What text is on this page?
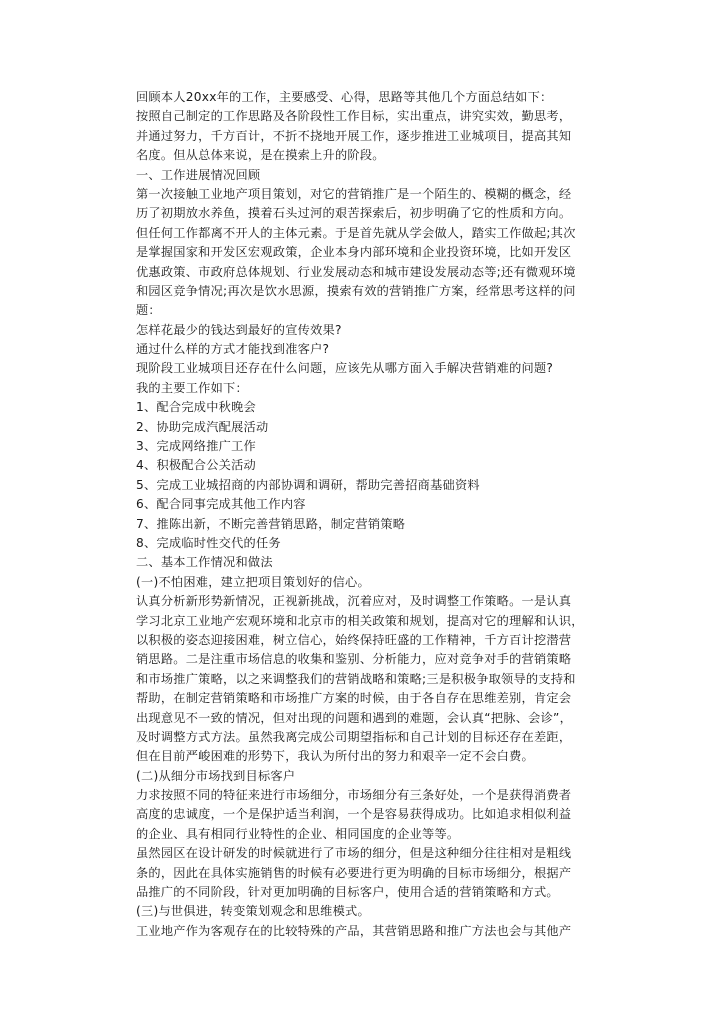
回顾本人20xx年的工作，主要感受、心得，思路等其他几个方面总结如下：
按照自己制定的工作思路及各阶段性工作目标，实出重点，讲究实效，勤思考，
并通过努力，千方百计，不折不挠地开展工作，逐步推进工业城项目，提高其知
名度。但从总体来说，是在摸索上升的阶段。
一、工作进展情况回顾
第一次接触工业地产项目策划，对它的营销推广是一个陌生的、模糊的概念，经
历了初期放水养鱼，摸着石头过河的艰苦探索后，初步明确了它的性质和方向。
但任何工作都离不开人的主体元素。于是首先就从学会做人，踏实工作做起;其次
是掌握国家和开发区宏观政策，企业本身内部环境和企业投资环境，比如开发区
优惠政策、市政府总体规划、行业发展动态和城市建设发展动态等;还有微观环境
和园区竞争情况;再次是饮水思源，摸索有效的营销推广方案，经常思考这样的问
题：
怎样花最少的钱达到最好的宣传效果?
通过什么样的方式才能找到准客户?
现阶段工业城项目还存在什么问题，应该先从哪方面入手解决营销难的问题?
我的主要工作如下：
1、配合完成中秋晚会
2、协助完成汽配展活动
3、完成网络推广工作
4、积极配合公关活动
5、完成工业城招商的内部协调和调研，帮助完善招商基础资料
6、配合同事完成其他工作内容
7、推陈出新，不断完善营销思路，制定营销策略
8、完成临时性交代的任务
二、基本工作情况和做法
(一)不怕困难，建立把项目策划好的信心。
认真分析新形势新情况，正视新挑战，沉着应对，及时调整工作策略。一是认真
学习北京工业地产宏观环境和北京市的相关政策和规划，提高对它的理解和认识，
以积极的姿态迎接困难，树立信心，始终保持旺盛的工作精神，千方百计挖潜营
销思路。二是注重市场信息的收集和鉴别、分析能力，应对竞争对手的营销策略
和市场推广策略，以之来调整我们的营销战略和策略;三是积极争取领导的支持和
帮助，在制定营销策略和市场推广方案的时候，由于各自存在思维差别，肯定会
出现意见不一致的情况，但对出现的问题和遇到的难题，会认真“把脉、会诊”，
及时调整方式方法。虽然我离完成公司期望指标和自己计划的目标还存在差距，
但在目前严峻困难的形势下，我认为所付出的努力和艰辛一定不会白费。
(二)从细分市场找到目标客户
力求按照不同的特征来进行市场细分，市场细分有三条好处，一个是获得消费者
高度的忠诚度，一个是保护适当利润，一个是容易获得成功。比如追求相似利益
的企业、具有相同行业特性的企业、相同国度的企业等等。
虽然园区在设计研发的时候就进行了市场的细分，但是这种细分往往相对是粗线
条的，因此在具体实施销售的时候有必要进行更为明确的目标市场细分，根据产
品推广的不同阶段，针对更加明确的目标客户，使用合适的营销策略和方式。
(三)与世俱进，转变策划观念和思维模式。
工业地产作为客观存在的比较特殊的产品，其营销思路和推广方法也会与其他产
